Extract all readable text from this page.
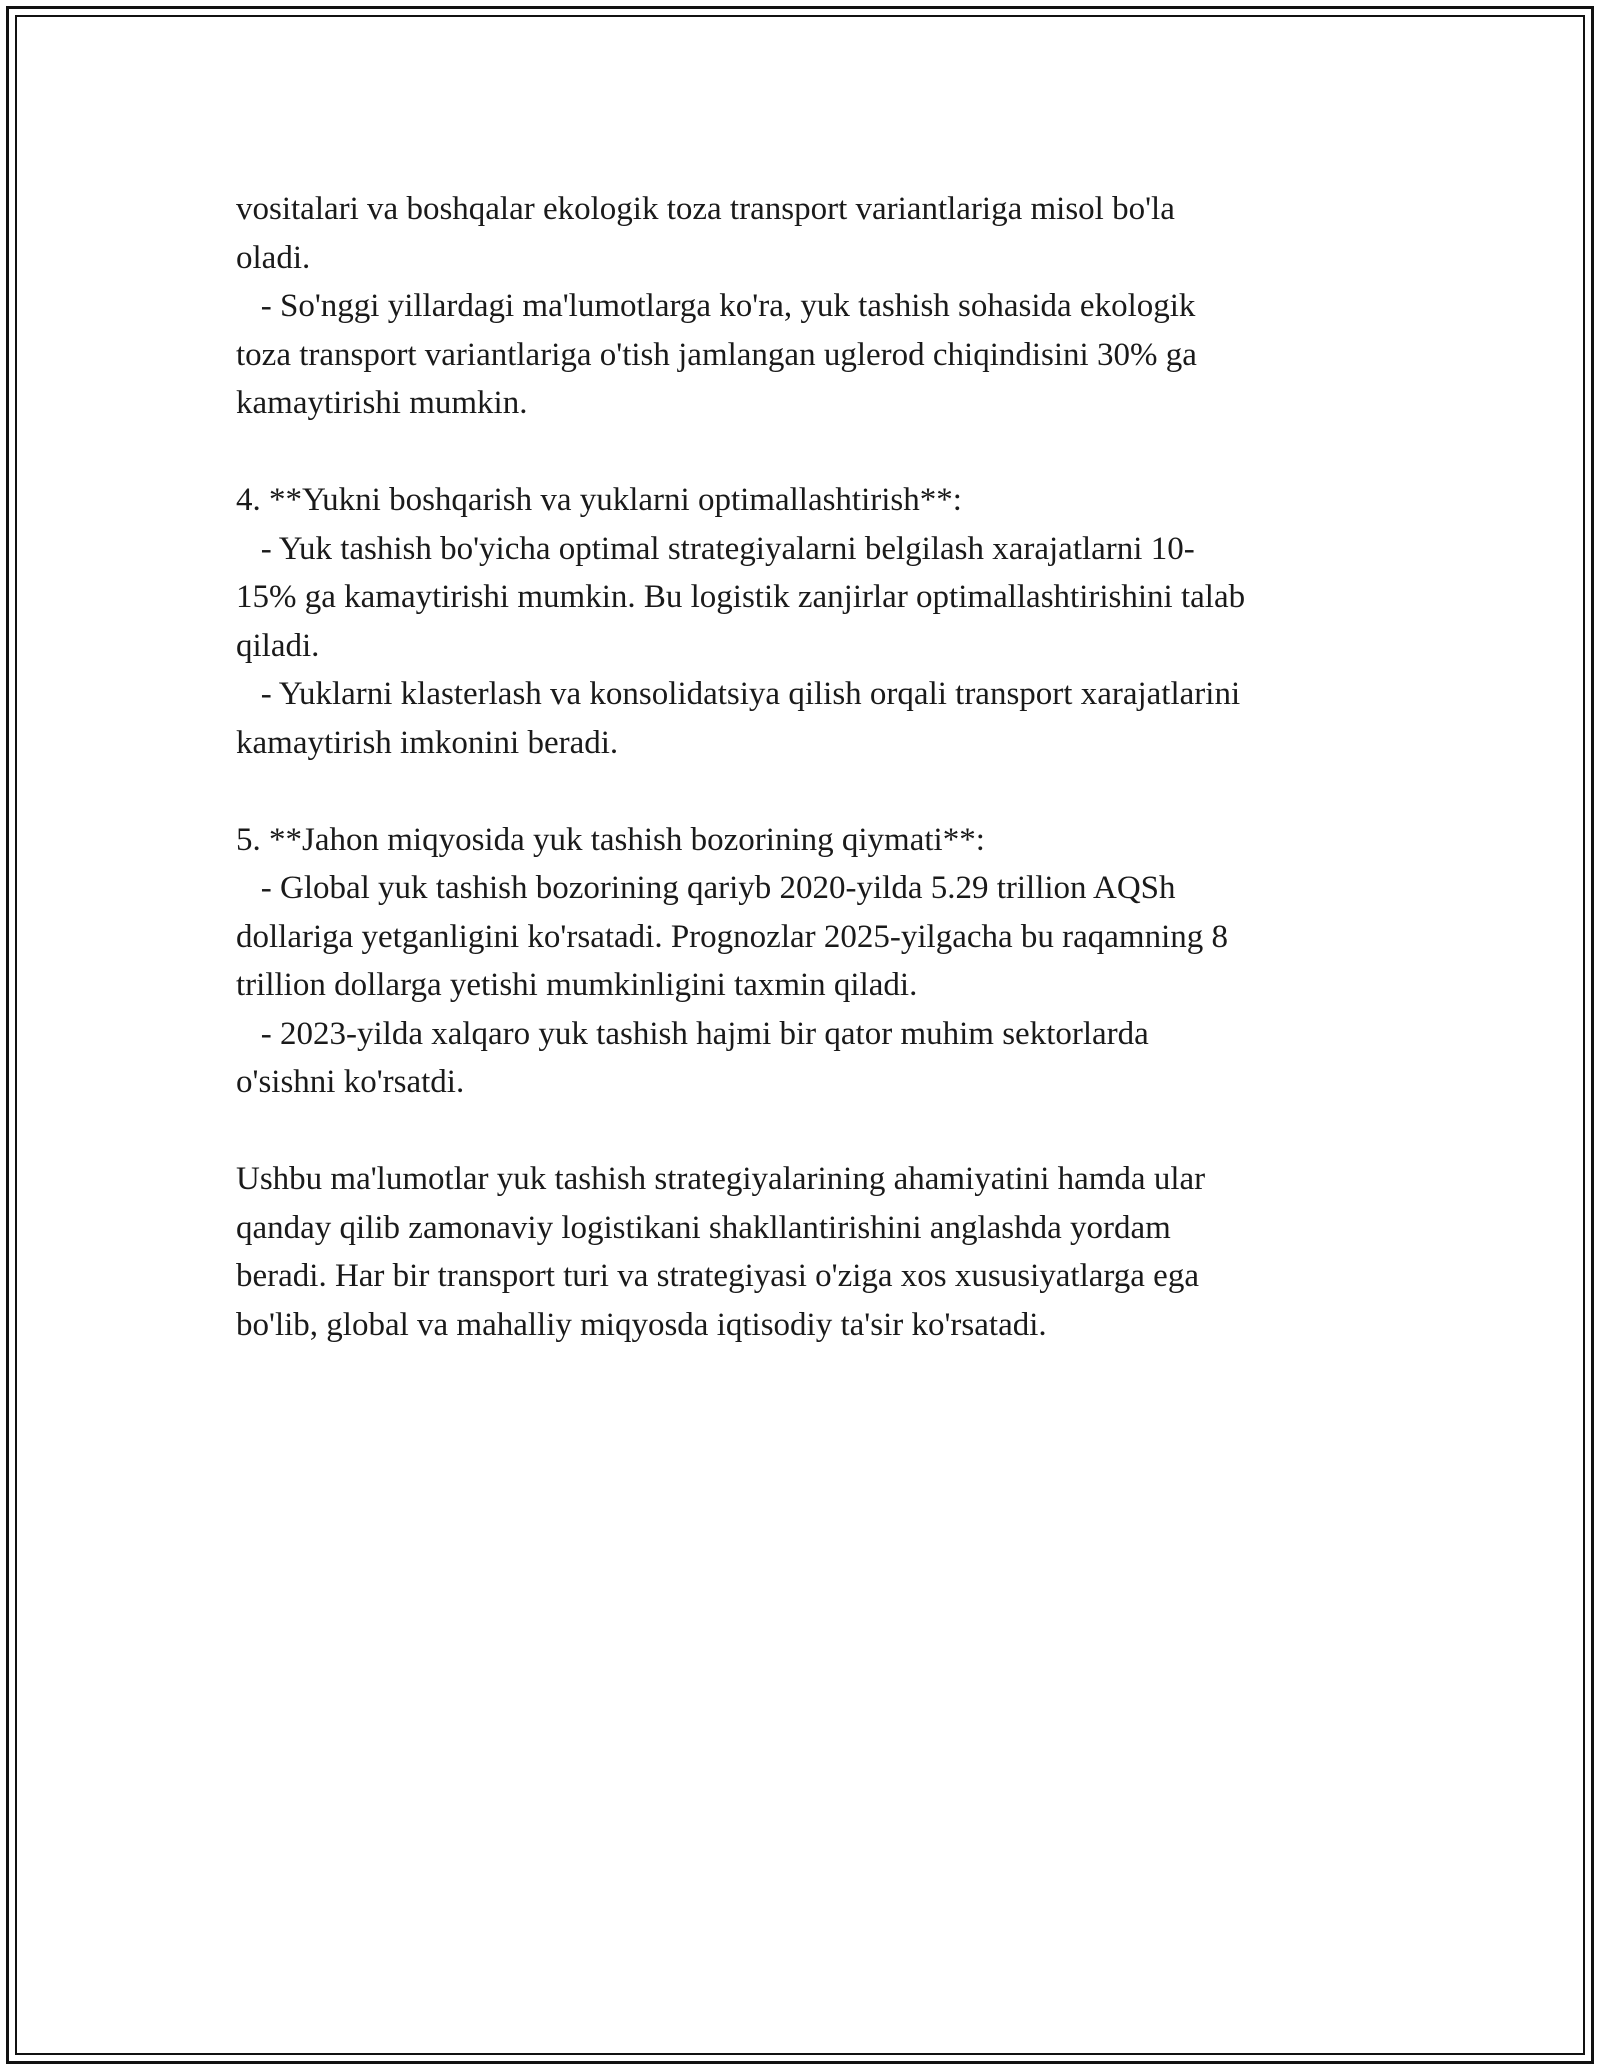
vositalari va boshqalar ekologik toza transport variantlariga misol bo'la

oladi.

- So'nggi yillardagi ma'lumotlarga ko'ra, yuk tashish sohasida ekologik

toza transport variantlariga o'tish jamlangan uglerod chiqindisini 30% ga

kamaytirishi mumkin.

4. **Yukni boshqarish va yuklarni optimallashtirish**:

- Yuk tashish bo'yicha optimal strategiyalarni belgilash xarajatlarni 10-

15% ga kamaytirishi mumkin. Bu logistik zanjirlar optimallashtirishini talab

qiladi.

- Yuklarni klasterlash va konsolidatsiya qilish orqali transport xarajatlarini

kamaytirish imkonini beradi.

5. **Jahon miqyosida yuk tashish bozorining qiymati**:

- Global yuk tashish bozorining qariyb 2020-yilda 5.29 trillion AQSh

dollariga yetganligini ko'rsatadi. Prognozlar 2025-yilgacha bu raqamning 8

trillion dollarga yetishi mumkinligini taxmin qiladi.

- 2023-yilda xalqaro yuk tashish hajmi bir qator muhim sektorlarda

o'sishni ko'rsatdi.

Ushbu ma'lumotlar yuk tashish strategiyalarining ahamiyatini hamda ular

qanday qilib zamonaviy logistikani shakllantirishini anglashda yordam

beradi. Har bir transport turi va strategiyasi o'ziga xos xususiyatlarga ega

bo'lib, global va mahalliy miqyosda iqtisodiy ta'sir ko'rsatadi.
